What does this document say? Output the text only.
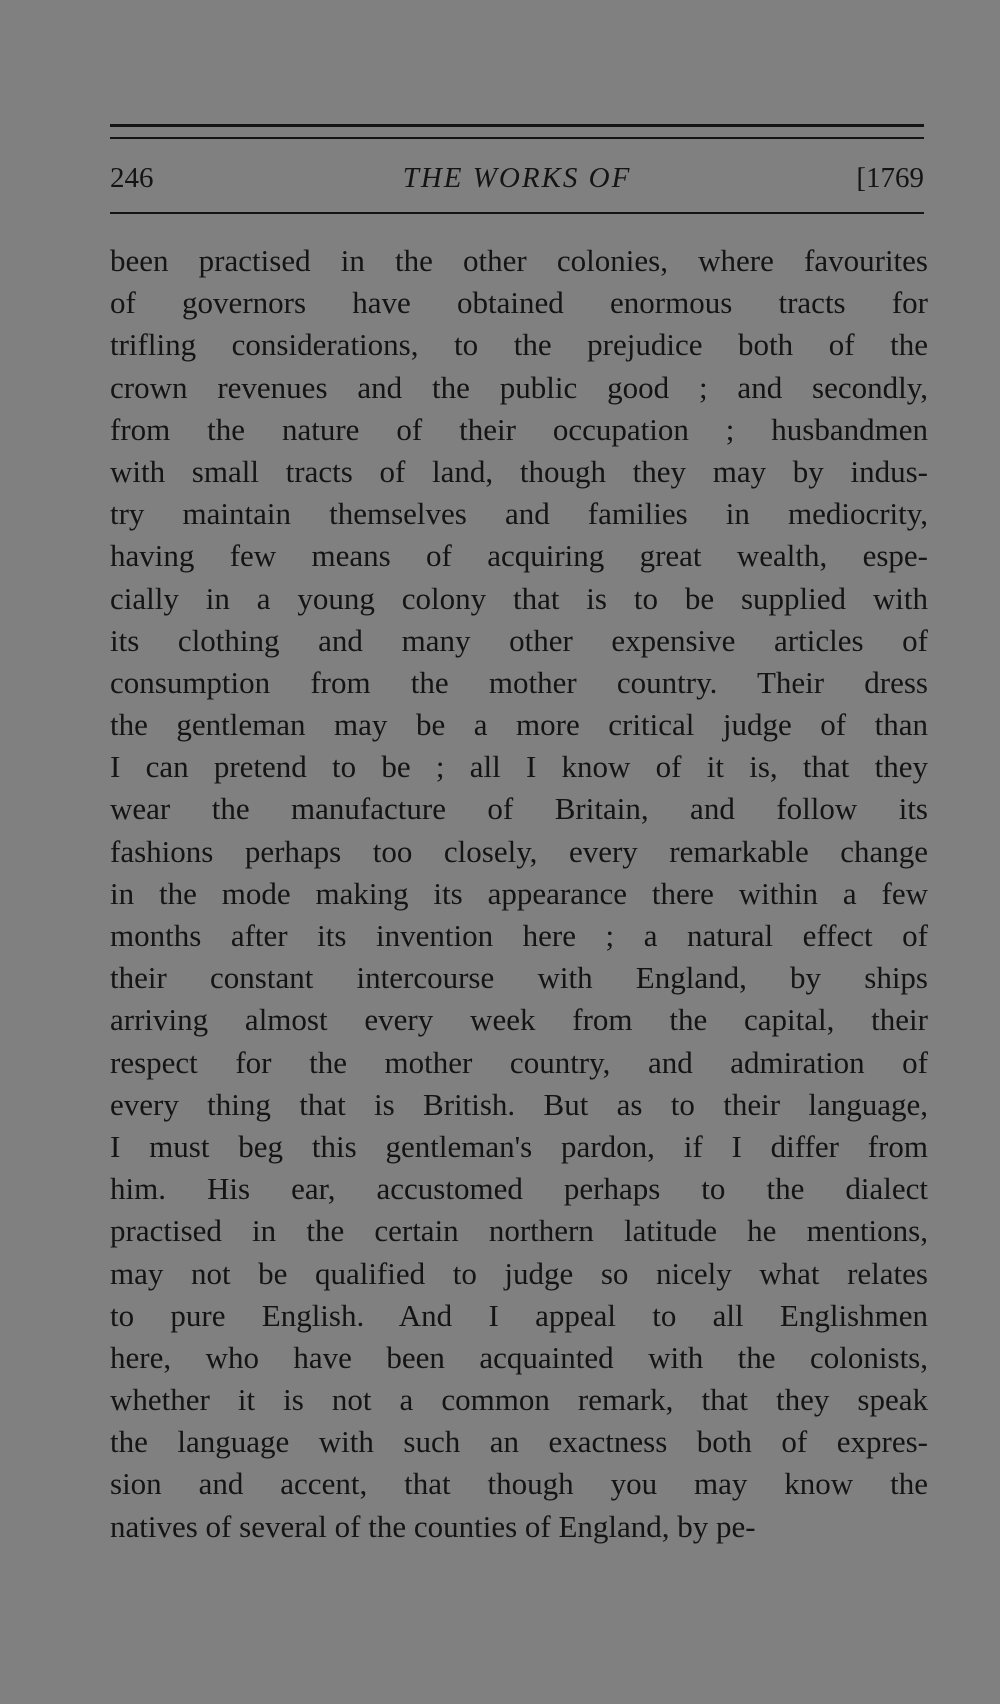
246	THE WORKS OF	[1769
been practised in the other colonies, where favourites
of governors have obtained enormous tracts for
trifling considerations, to the prejudice both of the
crown revenues and the public good ; and secondly,
from the nature of their occupation ; husbandmen
with small tracts of land, though they may by indus-
try maintain themselves and families in mediocrity,
having few means of acquiring great wealth, espe-
cially in a young colony that is to be supplied with
its clothing and many other expensive articles of
consumption from the mother country. Their dress
the gentleman may be a more critical judge of than
I can pretend to be ; all I know of it is, that they
wear the manufacture of Britain, and follow its
fashions perhaps too closely, every remarkable change
in the mode making its appearance there within a few
months after its invention here ; a natural effect of
their constant intercourse with England, by ships
arriving almost every week from the capital, their
respect for the mother country, and admiration of
every thing that is British. But as to their language,
I must beg this gentleman's pardon, if I differ from
him. His ear, accustomed perhaps to the dialect
practised in the certain northern latitude he mentions,
may not be qualified to judge so nicely what relates
to pure English. And I appeal to all Englishmen
here, who have been acquainted with the colonists,
whether it is not a common remark, that they speak
the language with such an exactness both of expres-
sion and accent, that though you may know the
natives of several of the counties of England, by pe-
